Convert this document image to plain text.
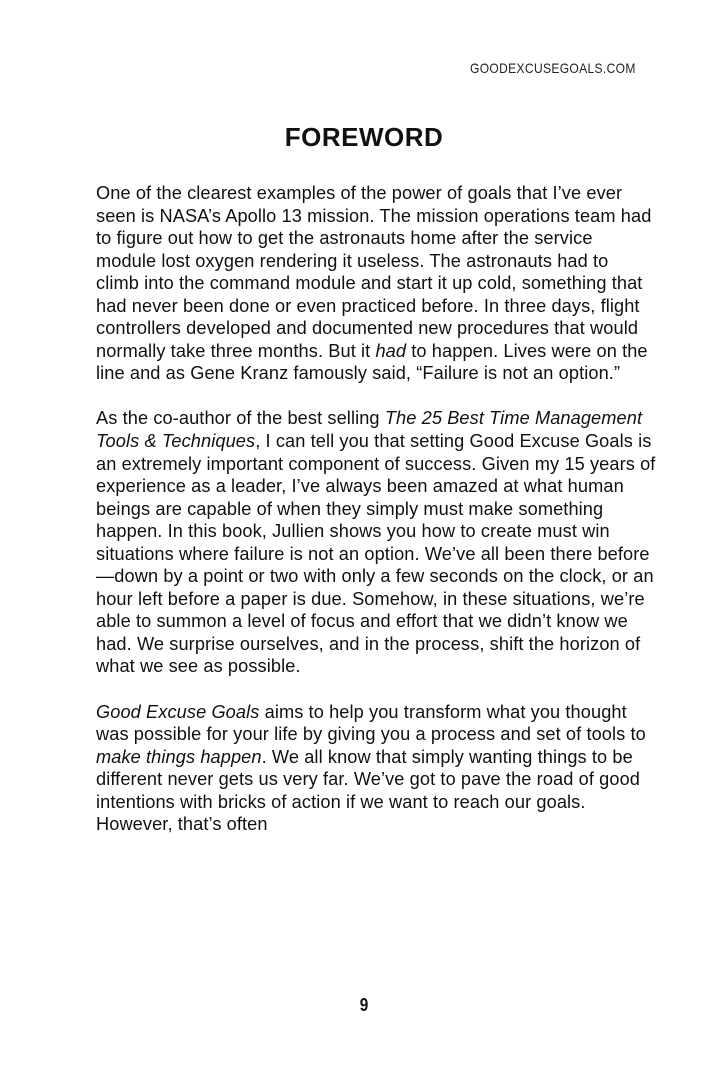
GOODEXCUSEGOALS.COM
FOREWORD

One of the clearest examples of the power of goals that I’ve ever seen is NASA’s Apollo 13 mission. The mission operations team had to figure out how to get the astronauts home after the service module lost oxygen rendering it useless. The astronauts had to climb into the command module and start it up cold, something that had never been done or even practiced before. In three days, flight controllers developed and documented new procedures that would normally take three months. But it had to happen. Lives were on the line and as Gene Kranz famously said, “Failure is not an option.”

As the co-author of the best selling The 25 Best Time Management Tools & Techniques, I can tell you that setting Good Excuse Goals is an extremely important component of success. Given my 15 years of experience as a leader, I’ve always been amazed at what human beings are capable of when they simply must make something happen. In this book, Jullien shows you how to create must win situations where failure is not an option. We’ve all been there before—down by a point or two with only a few seconds on the clock, or an hour left before a paper is due. Somehow, in these situations, we’re able to summon a level of focus and effort that we didn’t know we had. We surprise ourselves, and in the process, shift the horizon of what we see as possible.

Good Excuse Goals aims to help you transform what you thought was possible for your life by giving you a process and set of tools to make things happen. We all know that simply wanting things to be different never gets us very far. We’ve got to pave the road of good intentions with bricks of action if we want to reach our goals. However, that’s often

9
